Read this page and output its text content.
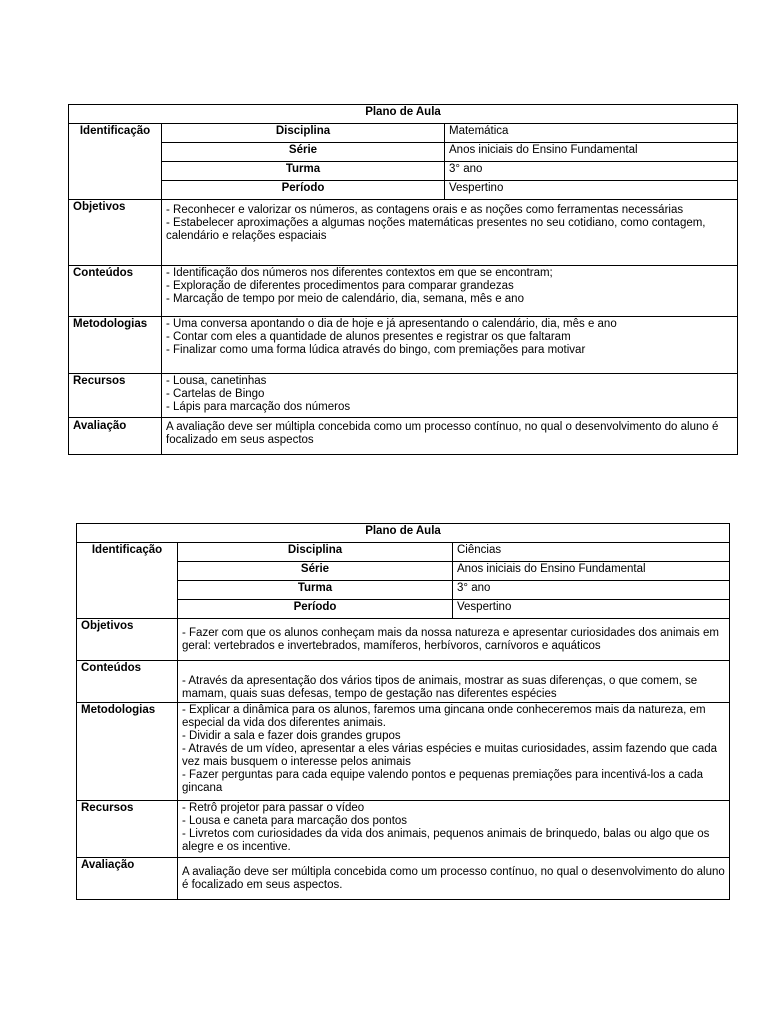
Plano de Aula		
Identificação	Disciplina	Matemática
	Série	Anos iniciais do Ensino Fundamental
	Turma	3° ano
	Período	Vespertino
Objetivos	- Reconhecer e valorizar os números, as contagens orais e as noções como ferramentas necessárias
- Estabelecer aproximações a algumas noções matemáticas presentes no seu cotidiano, como contagem, calendário e relações espaciais	

Conteúdos	- Identificação dos números nos diferentes contextos em que se encontram;
- Exploração de diferentes procedimentos para comparar grandezas
- Marcação de tempo por meio de calendário, dia, semana, mês e ano	

Metodologias	- Uma conversa apontando o dia de hoje e já apresentando o calendário, dia, mês e ano
- Contar com eles a quantidade de alunos presentes e registrar os que faltaram
- Finalizar como uma forma lúdica através do bingo, com premiações para motivar	

Recursos	- Lousa, canetinhas
- Cartelas de Bingo
- Lápis para marcação dos números	

Avaliação	A avaliação deve ser múltipla concebida como um processo contínuo, no qual o desenvolvimento do aluno é focalizado em seus aspectos	
Plano de Aula		
Identificação	Disciplina	Ciências
	Série	Anos iniciais do Ensino Fundamental
	Turma	3° ano
	Período	Vespertino
Objetivos	- Fazer com que os alunos conheçam mais da nossa natureza e apresentar curiosidades dos animais em geral: vertebrados e invertebrados, mamíferos, herbívoros, carnívoros e aquáticos	

Conteúdos	- Através da apresentação dos vários tipos de animais, mostrar as suas diferenças, o que comem, se mamam, quais suas defesas, tempo de gestação nas diferentes espécies	

Metodologias	- Explicar a dinâmica para os alunos, faremos uma gincana onde conheceremos mais da natureza, em especial da vida dos diferentes animais.
- Dividir a sala e fazer dois grandes grupos
- Através de um vídeo, apresentar a eles várias espécies e muitas curiosidades, assim fazendo que cada vez mais busquem o interesse pelos animais
- Fazer perguntas para cada equipe valendo pontos e pequenas premiações para incentivá-los a cada gincana	

Recursos	- Retrô projetor para passar o vídeo
- Lousa e caneta para marcação dos pontos
- Livretos com curiosidades da vida dos animais, pequenos animais de brinquedo, balas ou algo que os alegre e os incentive.	

Avaliação	A avaliação deve ser múltipla concebida como um processo contínuo, no qual o desenvolvimento do aluno é focalizado em seus aspectos.	
